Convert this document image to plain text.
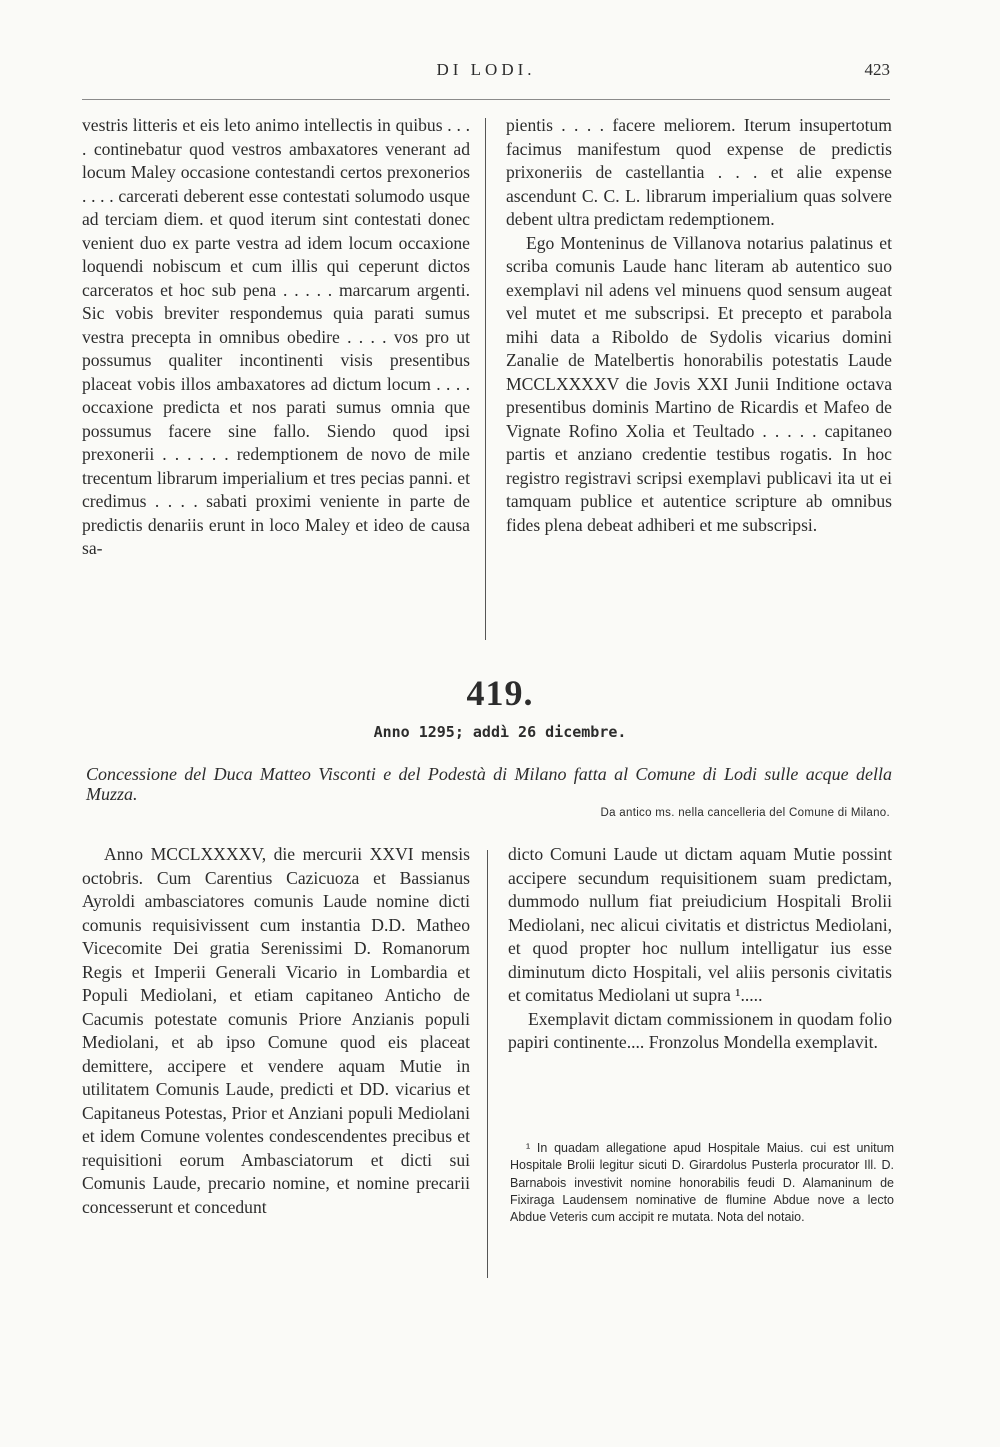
DI LODI.	423

vestris litteris et eis leto animo intellectis in quibus . . . . continebatur quod vestros ambaxatores venerant ad locum Maley occasione contestandi certos prexonerios . . . . carcerati deberent esse contestati solumodo usque ad terciam diem. et quod iterum sint contestati donec venient duo ex parte vestra ad idem locum occaxione loquendi nobiscum et cum illis qui ceperunt dictos carceratos et hoc sub pena . . . . . marcarum argenti. Sic vobis breviter respondemus quia parati sumus vestra precepta in omnibus obedire . . . . vos pro ut possumus qualiter incontinenti visis presentibus placeat vobis illos ambaxatores ad dictum locum . . . . occaxione predicta et nos parati sumus omnia que possumus facere sine fallo. Siendo quod ipsi prexonerii . . . . . . redemptionem de novo de mile trecentum librarum imperialium et tres pecias panni. et credimus . . . . sabati proximi veniente in parte de predictis denariis erunt in loco Maley et ideo de causa sa-

pientis . . . . facere meliorem. Iterum insupertotum facimus manifestum quod expense de predictis prixoneriis de castellantia . . . et alie expense ascendunt C. C. L. librarum imperialium quas solvere debent ultra predictam redemptionem.

Ego Monteninus de Villanova notarius palatinus et scriba comunis Laude hanc literam ab autentico suo exemplavi nil adens vel minuens quod sensum augeat vel mutet et me subscripsi. Et precepto et parabola mihi data a Riboldo de Sydolis vicarius domini Zanalie de Matelbertis honorabilis potestatis Laude MCCLXXXXV die Jovis XXI Junii Inditione octava presentibus dominis Martino de Ricardis et Mafeo de Vignate Rofino Xolia et Teultado . . . . . capitaneo partis et anziano credentie testibus rogatis. In hoc registro registravi scripsi exemplavi publicavi ita ut ei tamquam publice et autentice scripture ab omnibus fides plena debeat adhiberi et me subscripsi.

419.
Anno 1295; addì 26 dicembre.
Concessione del Duca Matteo Visconti e del Podestà di Milano fatta al Comune di Lodi sulle acque della Muzza.
Da antico ms. nella cancelleria del Comune di Milano.

Anno MCCLXXXXV, die mercurii XXVI mensis octobris. Cum Carentius Cazicuoza et Bassianus Ayroldi ambasciatores comunis Laude nomine dicti comunis requisivissent cum instantia D.D. Matheo Vicecomite Dei gratia Serenissimi D. Romanorum Regis et Imperii Generali Vicario in Lombardia et Populi Mediolani, et etiam capitaneo Anticho de Cacumis potestate comunis Priore Anzianis populi Mediolani, et ab ipso Comune quod eis placeat demittere, accipere et vendere aquam Mutie in utilitatem Comunis Laude, predicti et DD. vicarius et Capitaneus Potestas, Prior et Anziani populi Mediolani et idem Comune volentes condescendentes precibus et requisitioni eorum Ambasciatorum et dicti sui Comunis Laude, precario nomine, et nomine precarii concesserunt et concedunt

dicto Comuni Laude ut dictam aquam Mutie possint accipere secundum requisitionem suam predictam, dummodo nullum fiat preiudicium Hospitali Brolii Mediolani, nec alicui civitatis et districtus Mediolani, et quod propter hoc nullum intelligatur ius esse diminutum dicto Hospitali, vel aliis personis civitatis et comitatus Mediolani ut supra ¹.....

Exemplavit dictam commissionem in quodam folio papiri continente.... Fronzolus Mondella exemplavit.

¹ In quadam allegatione apud Hospitale Maius. cui est unitum Hospitale Brolii legitur sicuti D. Girardolus Pusterla procurator Ill. D. Barnabois investivit nomine honorabilis feudi D. Alamaninum de Fixiraga Laudensem nominative de flumine Abdue nove a lecto Abdue Veteris cum accipit re mutata. Nota del notaio.
